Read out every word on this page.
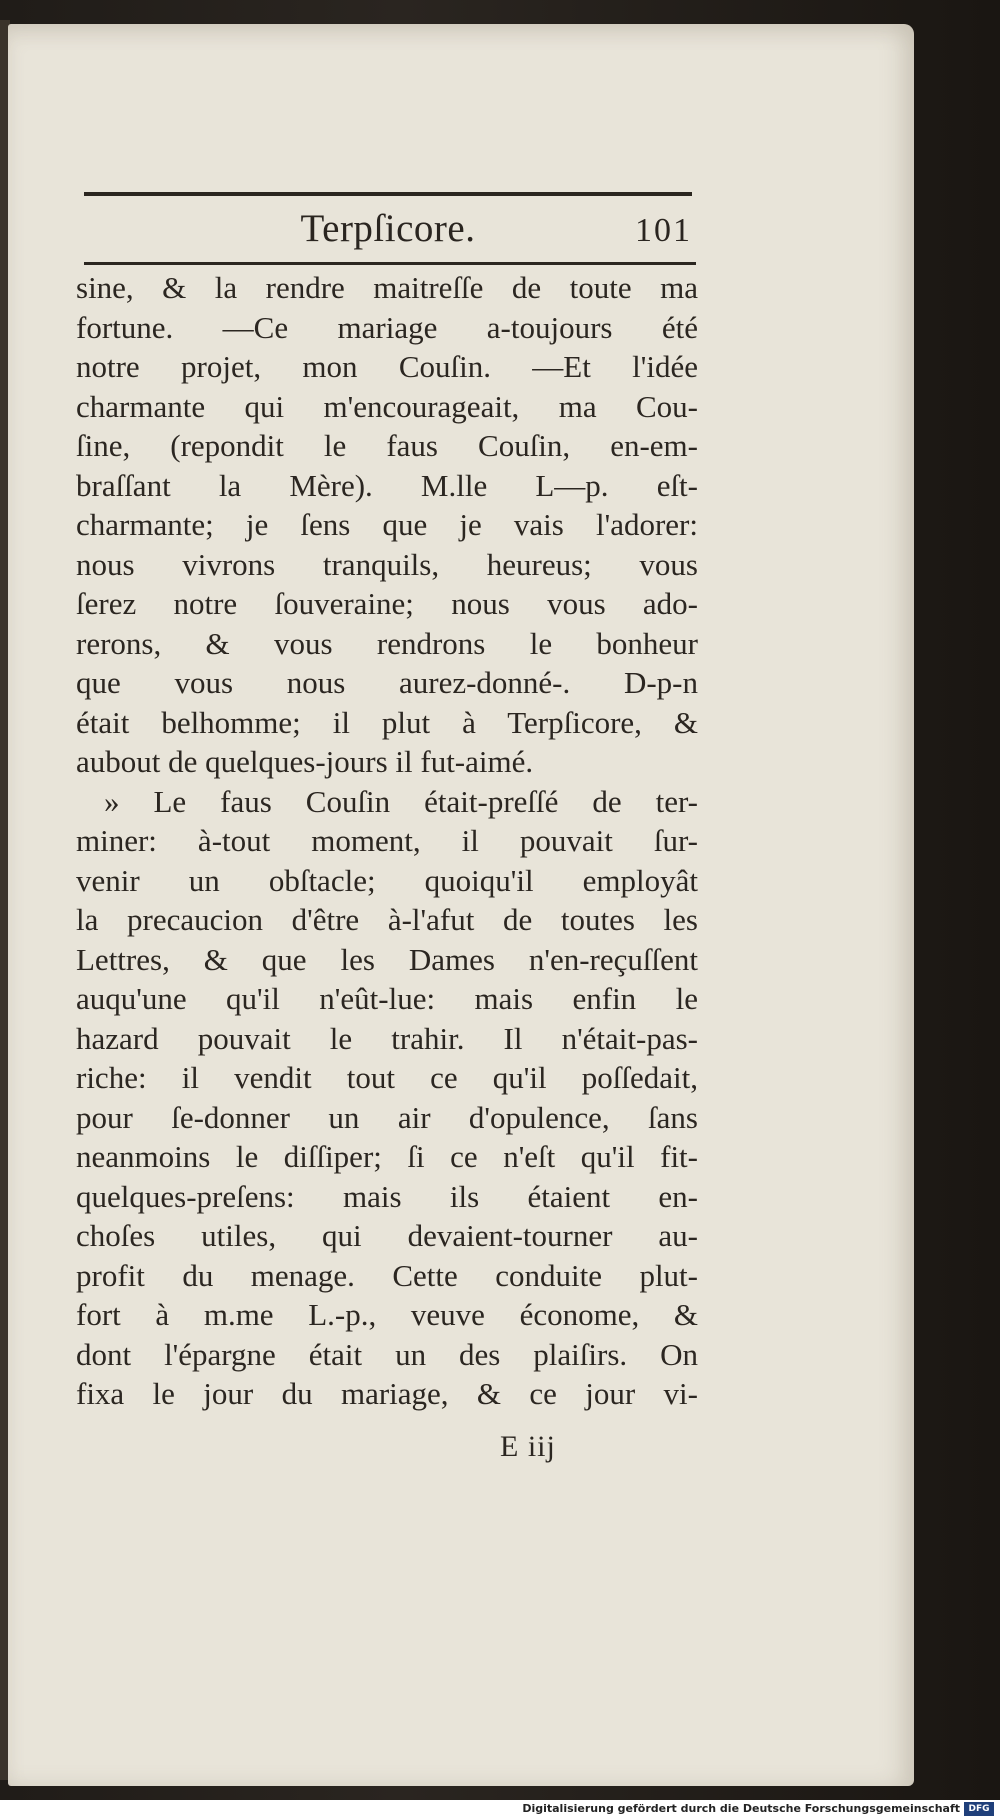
Terpſicore.	101
sine, & la rendre maitreſſe de toute ma
fortune. —Ce mariage a-toujours été
notre projet, mon Couſin. —Et l'idée
charmante qui m'encourageait, ma Cou-
ſine, (repondit le faus Couſin, en-em-
braſſant la Mère). M.lle L—p. eſt-
charmante; je ſens que je vais l'adorer:
nous vivrons tranquils, heureus; vous
ſerez notre ſouveraine; nous vous ado-
rerons, & vous rendrons le bonheur
que vous nous aurez-donné-. D-p-n
était belhomme; il plut à Terpſicore, &
aubout de quelques-jours il fut-aimé.
» Le faus Couſin était-preſſé de ter-
miner: à-tout moment, il pouvait ſur-
venir un obſtacle; quoiqu'il employât
la precaucion d'être à-l'afut de toutes les
Lettres, & que les Dames n'en-reçuſſent
auqu'une qu'il n'eût-lue: mais enfin le
hazard pouvait le trahir. Il n'était-pas-
riche: il vendit tout ce qu'il poſſedait,
pour ſe-donner un air d'opulence, ſans
neanmoins le diſſiper; ſi ce n'eſt qu'il fit-
quelques-preſens: mais ils étaient en-
choſes utiles, qui devaient-tourner au-
profit du menage. Cette conduite plut-
fort à m.me L.-p., veuve économe, &
dont l'épargne était un des plaiſirs. On
fixa le jour du mariage, & ce jour vi-
E iij
Digitalisierung gefördert durch die Deutsche Forschungsgemeinschaft DFG
